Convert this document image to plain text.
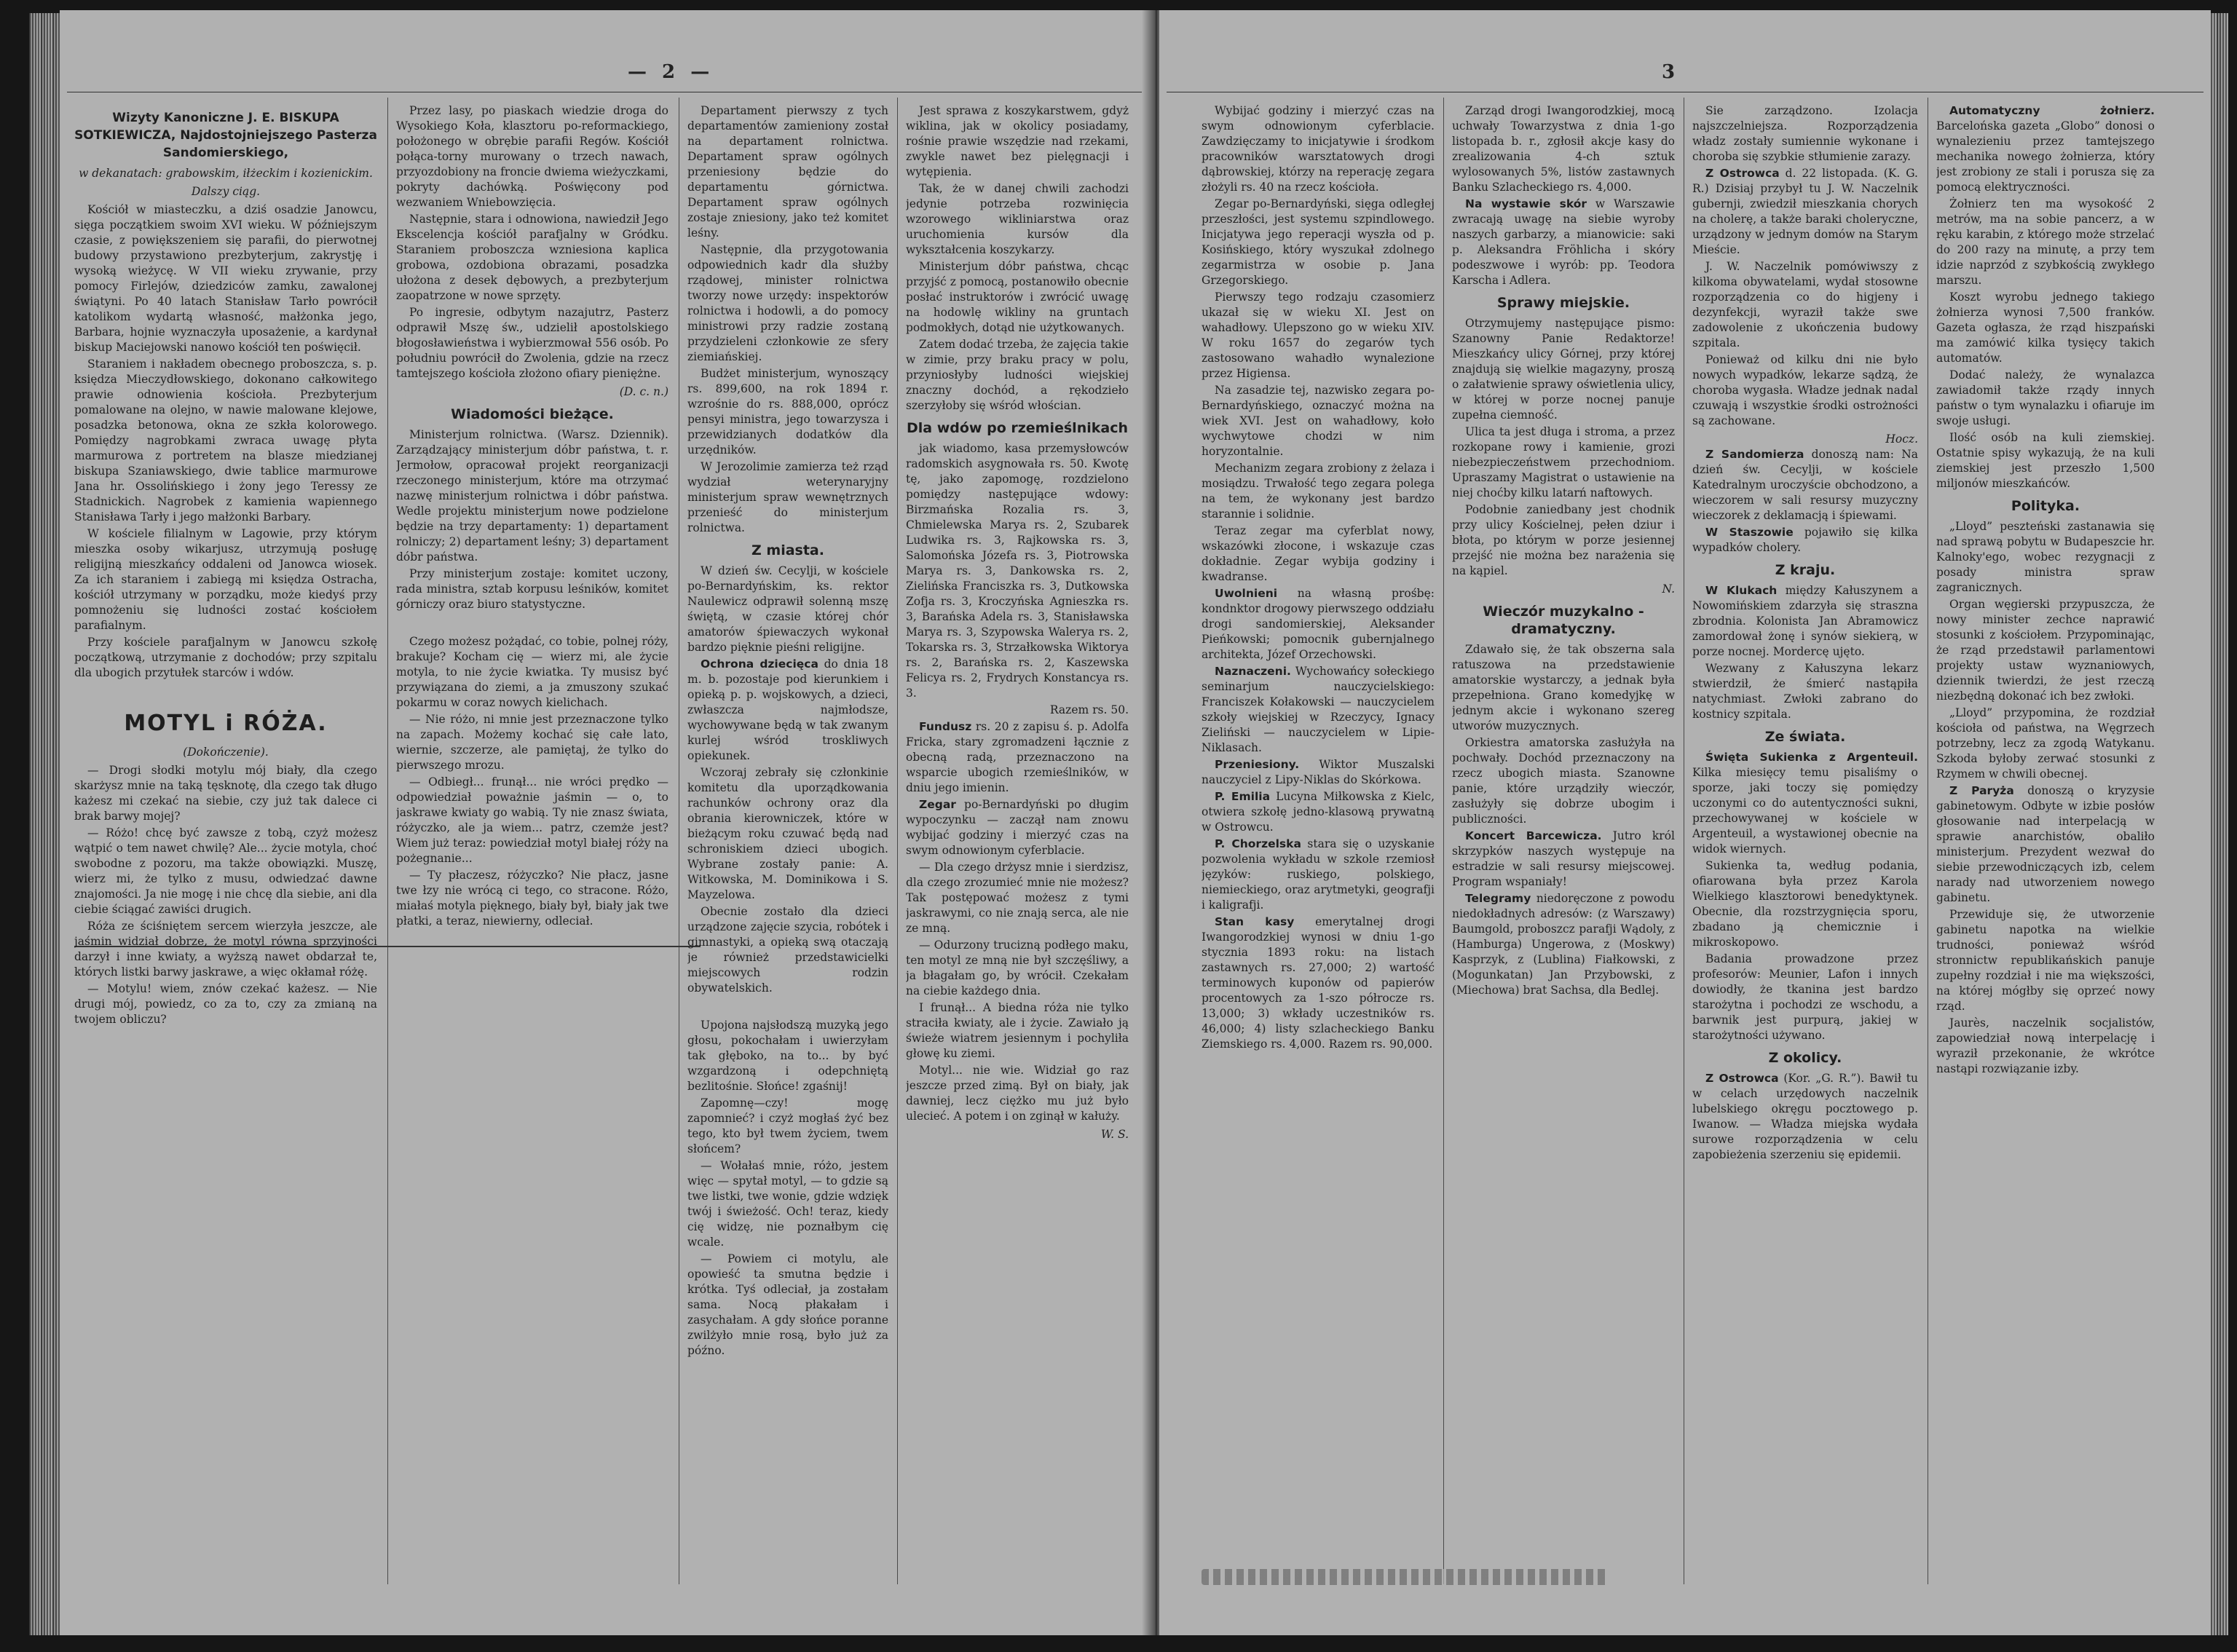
— 2 —
Wizyty Kanoniczne J. E. BISKUPA SOTKIEWICZA, Najdostojniejszego Pasterza Sandomierskiego,
w dekanatach: grabowskim, iłżeckim i kozienickim.
Dalszy ciąg.

Kościół w miasteczku, a dziś osadzie Janowcu, sięga początkiem swoim XVI wieku. W późniejszym czasie, z powiększeniem się parafii, do pierwotnej budowy przystawiono prezbyterjum, zakrystję i wysoką wieżycę. W VII wieku zrywanie, przy pomocy Firlejów, dziedziców zamku, zawalonej świątyni. Po 40 latach Stanisław Tarło powrócił katolikom wydartą własność, małżonka jego, Barbara, hojnie wyznaczyła uposażenie, a kardynał biskup Maciejowski nanowo kościół ten poświęcił.

Staraniem i nakładem obecnego proboszcza, s. p. księdza Mieczydłowskiego, dokonano całkowitego prawie odnowienia kościoła. Prezbyterjum pomalowane na olejno, w nawie malowane klejowe, posadzka betonowa, okna ze szkła kolorowego. Pomiędzy nagrobkami zwraca uwagę płyta marmurowa z portretem na blasze miedzianej biskupa Szaniawskiego, dwie tablice marmurowe Jana hr. Ossolińskiego i żony jego Teressy ze Stadnickich. Nagrobek z kamienia wapiennego Stanisława Tarły i jego małżonki Barbary.

W kościele filialnym w Lagowie, przy którym mieszka osoby wikarjusz, utrzymują posługę religijną mieszkańcy oddaleni od Janowca wiosek. Za ich staraniem i zabiegą mi księdza Ostracha, kościół utrzymany w porządku, może kiedyś przy pomnożeniu się ludności zostać kościołem parafialnym.

Przy kościele parafjalnym w Janowcu szkołę początkową, utrzymanie z dochodów; przy szpitalu dla ubogich przytułek starców i wdów.

MOTYL i RÓŻA.
(Dokończenie).

— Drogi słodki motylu mój biały, dla czego skarżysz mnie na taką tęsknotę, dla czego tak długo każesz mi czekać na siebie, czy już tak dalece ci brak barwy mojej?

— Różo! chcę być zawsze z tobą, czyż możesz wątpić o tem nawet chwilę? Ale... życie motyla, choć swobodne z pozoru, ma także obowiązki. Muszę, wierz mi, że tylko z musu, odwiedzać dawne znajomości. Ja nie mogę i nie chcę dla siebie, ani dla ciebie ściągać zawiści drugich.

Róża ze ściśniętem sercem wierzyła jeszcze, ale jaśmin widział dobrze, że motyl równą sprzyjności darzył i inne kwiaty, a wyższą nawet obdarzał te, których listki barwy jaskrawe, a więc okłamał różę.

— Motylu! wiem, znów czekać każesz. — Nie drugi mój, powiedz, co za to, czy za zmianą na twojem obliczu?

Przez lasy, po piaskach wiedzie droga do Wysokiego Koła, klasztoru po-reformackiego, położonego w obrębie parafii Regów. Kościół połąca-torny murowany o trzech nawach, przyozdobiony na froncie dwiema wieżyczkami, pokryty dachówką. Poświęcony pod wezwaniem Wniebowzięcia.

Następnie, stara i odnowiona, nawiedził Jego Ekscelencja kościół parafjalny w Gródku. Staraniem proboszcza wzniesiona kaplica grobowa, ozdobiona obrazami, posadzka ułożona z desek dębowych, a prezbyterjum zaopatrzone w nowe sprzęty.

Po ingresie, odbytym nazajutrz, Pasterz odprawił Mszę św., udzielił apostolskiego błogosławieństwa i wybierzmował 556 osób. Po południu powrócił do Zwolenia, gdzie na rzecz tamtejszego kościoła złożono ofiary pieniężne.

(D. c. n.)
Wiadomości bieżące.

Ministerjum rolnictwa. (Warsz. Dziennik). Zarządzający ministerjum dóbr państwa, t. r. Jermołow, opracował projekt reorganizacji rzeczonego ministerjum, które ma otrzymać nazwę ministerjum rolnictwa i dóbr państwa. Wedle projektu ministerjum nowe podzielone będzie na trzy departamenty: 1) departament rolniczy; 2) departament leśny; 3) departament dóbr państwa.

Przy ministerjum zostaje: komitet uczony, rada ministra, sztab korpusu leśników, komitet górniczy oraz biuro statystyczne.

Czego możesz pożądać, co tobie, polnej róży, brakuje? Kocham cię — wierz mi, ale życie motyla, to nie życie kwiatka. Ty musisz być przywiązana do ziemi, a ja zmuszony szukać pokarmu w coraz nowych kielichach.

— Nie różo, ni mnie jest przeznaczone tylko na zapach. Możemy kochać się całe lato, wiernie, szczerze, ale pamiętaj, że tylko do pierwszego mrozu.

— Odbiegł... frunął... nie wróci prędko — odpowiedział poważnie jaśmin — o, to jaskrawe kwiaty go wabią. Ty nie znasz świata, różyczko, ale ja wiem... patrz, czemże jest? Wiem już teraz: powiedział motyl białej róży na pożegnanie...

— Ty płaczesz, różyczko? Nie płacz, jasne twe łzy nie wrócą ci tego, co stracone. Różo, miałaś motyla pięknego, biały był, biały jak twe płatki, a teraz, niewierny, odleciał.

Departament pierwszy z tych departamentów zamieniony został na departament rolnictwa. Departament spraw ogólnych przeniesiony będzie do departamentu górnictwa. Departament spraw ogólnych zostaje zniesiony, jako też komitet leśny.

Następnie, dla przygotowania odpowiednich kadr dla służby rządowej, minister rolnictwa tworzy nowe urzędy: inspektorów rolnictwa i hodowli, a do pomocy ministrowi przy radzie zostaną przydzieleni członkowie ze sfery ziemiańskiej.

Budżet ministerjum, wynoszący rs. 899,600, na rok 1894 r. wzrośnie do rs. 888,000, oprócz pensyi ministra, jego towarzysza i przewidzianych dodatków dla urzędników.

W Jerozolimie zamierza też rząd wydział weterynaryjny ministerjum spraw wewnętrznych przenieść do ministerjum rolnictwa.

Z miasta.

W dzień św. Cecylji, w kościele po-Bernardyńskim, ks. rektor Naulewicz odprawił solenną mszę świętą, w czasie której chór amatorów śpiewaczych wykonał bardzo pięknie pieśni religijne.

Ochrona dziecięca do dnia 18 m. b. pozostaje pod kierunkiem i opieką p. p. wojskowych, a dzieci, zwłaszcza najmłodsze, wychowywane będą w tak zwanym kurlej wśród troskliwych opiekunek.

Wczoraj zebrały się członkinie komitetu dla uporządkowania rachunków ochrony oraz dla obrania kierowniczek, które w bieżącym roku czuwać będą nad schroniskiem dzieci ubogich. Wybrane zostały panie: A. Witkowska, M. Dominikowa i S. Mayzelowa.

Obecnie zostało dla dzieci urządzone zajęcie szycia, robótek i gimnastyki, a opieką swą otaczają je również przedstawicielki miejscowych rodzin obywatelskich.

Upojona najsłodszą muzyką jego głosu, pokochałam i uwierzyłam tak głęboko, na to... by być wzgardzoną i odepchniętą bezlitośnie. Słońce! zgaśnij!

Zapomnę—czy! mogę zapomnieć? i czyż mogłaś żyć bez tego, kto był twem życiem, twem słońcem?

— Wołałaś mnie, różo, jestem więc — spytał motyl, — to gdzie są twe listki, twe wonie, gdzie wdzięk twój i świeżość. Och! teraz, kiedy cię widzę, nie poznałbym cię wcale.

— Powiem ci motylu, ale opowieść ta smutna będzie i krótka. Tyś odleciał, ja zostałam sama. Nocą płakałam i zasychałam. A gdy słońce poranne zwilżyło mnie rosą, było już za późno.

Jest sprawa z koszykarstwem, gdyż wiklina, jak w okolicy posiadamy, rośnie prawie wszędzie nad rzekami, zwykle nawet bez pielęgnacji i wytępienia.

Tak, że w danej chwili zachodzi jedynie potrzeba rozwinięcia wzorowego wikliniarstwa oraz uruchomienia kursów dla wykształcenia koszykarzy.

Ministerjum dóbr państwa, chcąc przyjść z pomocą, postanowiło obecnie posłać instruktorów i zwrócić uwagę na hodowlę wikliny na gruntach podmokłych, dotąd nie użytkowanych.

Zatem dodać trzeba, że zajęcia takie w zimie, przy braku pracy w polu, przyniosłyby ludności wiejskiej znaczny dochód, a rękodzieło szerzyłoby się wśród włościan.

Dla wdów po rzemieślnikach

jak wiadomo, kasa przemysłowców radomskich asygnowała rs. 50. Kwotę tę, jako zapomogę, rozdzielono pomiędzy następujące wdowy: Birzmańska Rozalia rs. 3, Chmielewska Marya rs. 2, Szubarek Ludwika rs. 3, Rajkowska rs. 3, Salomońska Józefa rs. 3, Piotrowska Marya rs. 3, Dankowska rs. 2, Zielińska Franciszka rs. 3, Dutkowska Zofja rs. 3, Kroczyńska Agnieszka rs. 3, Barańska Adela rs. 3, Stanisławska Marya rs. 3, Szypowska Walerya rs. 2, Tokarska rs. 3, Strzałkowska Wiktorya rs. 2, Barańska rs. 2, Kaszewska Felicya rs. 2, Frydrych Konstancya rs. 3.

Razem rs. 50.

Fundusz rs. 20 z zapisu ś. p. Adolfa Fricka, stary zgromadzeni łącznie z obecną radą, przeznaczono na wsparcie ubogich rzemieślników, w dniu jego imienin.

Zegar po-Bernardyński po długim wypoczynku — zaczął nam znowu wybijać godziny i mierzyć czas na swym odnowionym cyferblacie.

— Dla czego drżysz mnie i sierdzisz, dla czego zrozumieć mnie nie możesz? Tak postępować możesz z tymi jaskrawymi, co nie znają serca, ale nie ze mną.

— Odurzony trucizną podłego maku, ten motyl ze mną nie był szczęśliwy, a ja błagałam go, by wrócił. Czekałam na ciebie każdego dnia.

I frunął... A biedna róża nie tylko straciła kwiaty, ale i życie. Zawiało ją świeże wiatrem jesiennym i pochyliła głowę ku ziemi.

Motyl... nie wie. Widział go raz jeszcze przed zimą. Był on biały, jak dawniej, lecz ciężko mu już było ulecieć. A potem i on zginął w kałuży.

W. S.
3

Wybijać godziny i mierzyć czas na swym odnowionym cyferblacie. Zawdzięczamy to inicjatywie i środkom pracowników warsztatowych drogi dąbrowskiej, którzy na reperację zegara złożyli rs. 40 na rzecz kościoła.

Zegar po-Bernardyński, sięga odległej przeszłości, jest systemu szpindlowego. Inicjatywa jego reperacji wyszła od p. Kosińskiego, który wyszukał zdolnego zegarmistrza w osobie p. Jana Grzegorskiego.

Pierwszy tego rodzaju czasomierz ukazał się w wieku XI. Jest on wahadłowy. Ulepszono go w wieku XIV. W roku 1657 do zegarów tych zastosowano wahadło wynalezione przez Higiensa.

Na zasadzie tej, nazwisko zegara po-Bernardyńskiego, oznaczyć można na wiek XVI. Jest on wahadłowy, koło wychwytowe chodzi w nim horyzontalnie.

Mechanizm zegara zrobiony z żelaza i mosiądzu. Trwałość tego zegara polega na tem, że wykonany jest bardzo starannie i solidnie.

Teraz zegar ma cyferblat nowy, wskazówki złocone, i wskazuje czas dokładnie. Zegar wybija godziny i kwadranse.

Uwolnieni na własną prośbę: kondnktor drogowy pierwszego oddziału drogi sandomierskiej, Aleksander Pieńkowski; pomocnik gubernjalnego architekta, Józef Orzechowski.

Naznaczeni. Wychowańcy sołeckiego seminarjum nauczycielskiego: Franciszek Kołakowski — nauczycielem szkoły wiejskiej w Rzeczycy, Ignacy Zieliński — nauczycielem w Lipie-Niklasach.

Przeniesiony. Wiktor Muszalski nauczyciel z Lipy-Niklas do Skórkowa.

P. Emilia Lucyna Miłkowska z Kielc, otwiera szkołę jedno-klasową prywatną w Ostrowcu.

P. Chorzelska stara się o uzyskanie pozwolenia wykładu w szkole rzemiosł języków: ruskiego, polskiego, niemieckiego, oraz arytmetyki, geografji i kaligrafji.

Stan kasy emerytalnej drogi Iwangorodzkiej wynosi w dniu 1-go stycznia 1893 roku: na listach zastawnych rs. 27,000; 2) wartość terminowych kuponów od papierów procentowych za 1-szo półrocze rs. 13,000; 3) wkłady uczestników rs. 46,000; 4) listy szlacheckiego Banku Ziemskiego rs. 4,000. Razem rs. 90,000.

Zarząd drogi Iwangorodzkiej, mocą uchwały Towarzystwa z dnia 1-go listopada b. r., zgłosił akcje kasy do zrealizowania 4-ch sztuk wylosowanych 5%, listów zastawnych Banku Szlacheckiego rs. 4,000.

Na wystawie skór w Warszawie zwracają uwagę na siebie wyroby naszych garbarzy, a mianowicie: saki p. Aleksandra Fröhlicha i skóry podeszwowe i wyrób: pp. Teodora Karscha i Adlera.

Sprawy miejskie.

Otrzymujemy następujące pismo: Szanowny Panie Redaktorze! Mieszkańcy ulicy Górnej, przy której znajdują się wielkie magazyny, proszą o załatwienie sprawy oświetlenia ulicy, w której w porze nocnej panuje zupełna ciemność.

Ulica ta jest długa i stroma, a przez rozkopane rowy i kamienie, grozi niebezpieczeństwem przechodniom. Upraszamy Magistrat o ustawienie na niej choćby kilku latarń naftowych.

Podobnie zaniedbany jest chodnik przy ulicy Kościelnej, pełen dziur i błota, po którym w porze jesiennej przejść nie można bez narażenia się na kąpiel.

N.
Wieczór muzykalno - dramatyczny.

Zdawało się, że tak obszerna sala ratuszowa na przedstawienie amatorskie wystarczy, a jednak była przepełniona. Grano komedyjkę w jednym akcie i wykonano szereg utworów muzycznych.

Orkiestra amatorska zasłużyła na pochwały. Dochód przeznaczony na rzecz ubogich miasta. Szanowne panie, które urządziły wieczór, zasłużyły się dobrze ubogim i publiczności.

Koncert Barcewicza. Jutro król skrzypków naszych występuje na estradzie w sali resursy miejscowej. Program wspaniały!

Telegramy niedoręczone z powodu niedokładnych adresów: (z Warszawy) Baumgold, proboszcz parafji Wądoly, z (Hamburga) Ungerowa, z (Moskwy) Kasprzyk, z (Lublina) Fiałkowski, z (Mogunkatan) Jan Przybowski, z (Miechowa) brat Sachsa, dla Bedlej.

Sie zarządzono. Izolacja najszczelniejsza. Rozporządzenia władz zostały sumiennie wykonane i choroba się szybkie stłumienie zarazy.

Z Ostrowca d. 22 listopada. (K. G. R.) Dzisiaj przybył tu J. W. Naczelnik gubernji, zwiedził mieszkania chorych na cholerę, a także baraki choleryczne, urządzony w jednym domów na Starym Mieście.

J. W. Naczelnik pomówiwszy z kilkoma obywatelami, wydał stosowne rozporządzenia co do higjeny i dezynfekcji, wyraził także swe zadowolenie z ukończenia budowy szpitala.

Ponieważ od kilku dni nie było nowych wypadków, lekarze sądzą, że choroba wygasła. Władze jednak nadal czuwają i wszystkie środki ostrożności są zachowane.

Hocz.

Z Sandomierza donoszą nam: Na dzień św. Cecylji, w kościele Katedralnym uroczyście obchodzono, a wieczorem w sali resursy muzyczny wieczorek z deklamacją i śpiewami.

W Staszowie pojawiło się kilka wypadków cholery.

Z kraju.

W Klukach między Kałuszynem a Nowomińskiem zdarzyła się straszna zbrodnia. Kolonista Jan Abramowicz zamordował żonę i synów siekierą, w porze nocnej. Mordercę ujęto.

Wezwany z Kałuszyna lekarz stwierdził, że śmierć nastąpiła natychmiast. Zwłoki zabrano do kostnicy szpitala.

Ze świata.

Święta Sukienka z Argenteuil. Kilka miesięcy temu pisaliśmy o sporze, jaki toczy się pomiędzy uczonymi co do autentyczności sukni, przechowywanej w kościele w Argenteuil, a wystawionej obecnie na widok wiernych.

Sukienka ta, według podania, ofiarowana była przez Karola Wielkiego klasztorowi benedyktynek. Obecnie, dla rozstrzygnięcia sporu, zbadano ją chemicznie i mikroskopowo.

Badania prowadzone przez profesorów: Meunier, Lafon i innych dowiodły, że tkanina jest bardzo starożytna i pochodzi ze wschodu, a barwnik jest purpurą, jakiej w starożytności używano.

Z okolicy.

Z Ostrowca (Kor. „G. R.”). Bawił tu w celach urzędowych naczelnik lubelskiego okręgu pocztowego p. Iwanow. — Władza miejska wydała surowe rozporządzenia w celu zapobieżenia szerzeniu się epidemii.

Automatyczny żołnierz. Barcelońska gazeta „Globo” donosi o wynalezieniu przez tamtejszego mechanika nowego żołnierza, który jest zrobiony ze stali i porusza się za pomocą elektryczności.

Żołnierz ten ma wysokość 2 metrów, ma na sobie pancerz, a w ręku karabin, z którego może strzelać do 200 razy na minutę, a przy tem idzie naprzód z szybkością zwykłego marszu.

Koszt wyrobu jednego takiego żołnierza wynosi 7,500 franków. Gazeta ogłasza, że rząd hiszpański ma zamówić kilka tysięcy takich automatów.

Dodać należy, że wynalazca zawiadomił także rządy innych państw o tym wynalazku i ofiaruje im swoje usługi.

Ilość osób na kuli ziemskiej. Ostatnie spisy wykazują, że na kuli ziemskiej jest przeszło 1,500 miljonów mieszkańców.

Polityka.

„Lloyd” peszteński zastanawia się nad sprawą pobytu w Budapeszcie hr. Kalnoky'ego, wobec rezygnacji z posady ministra spraw zagranicznych.

Organ węgierski przypuszcza, że nowy minister zechce naprawić stosunki z kościołem. Przypominając, że rząd przedstawił parlamentowi projekty ustaw wyznaniowych, dziennik twierdzi, że jest rzeczą niezbędną dokonać ich bez zwłoki.

„Lloyd” przypomina, że rozdział kościoła od państwa, na Węgrzech potrzebny, lecz za zgodą Watykanu. Szkoda byłoby zerwać stosunki z Rzymem w chwili obecnej.

Z Paryża donoszą o kryzysie gabinetowym. Odbyte w izbie posłów głosowanie nad interpelacją w sprawie anarchistów, obaliło ministerjum. Prezydent wezwał do siebie przewodniczących izb, celem narady nad utworzeniem nowego gabinetu.

Przewiduje się, że utworzenie gabinetu napotka na wielkie trudności, ponieważ wśród stronnictw republikańskich panuje zupełny rozdział i nie ma większości, na której mógłby się oprzeć nowy rząd.

Jaurès, naczelnik socjalistów, zapowiedział nową interpelację i wyraził przekonanie, że wkrótce nastąpi rozwiązanie izby.
